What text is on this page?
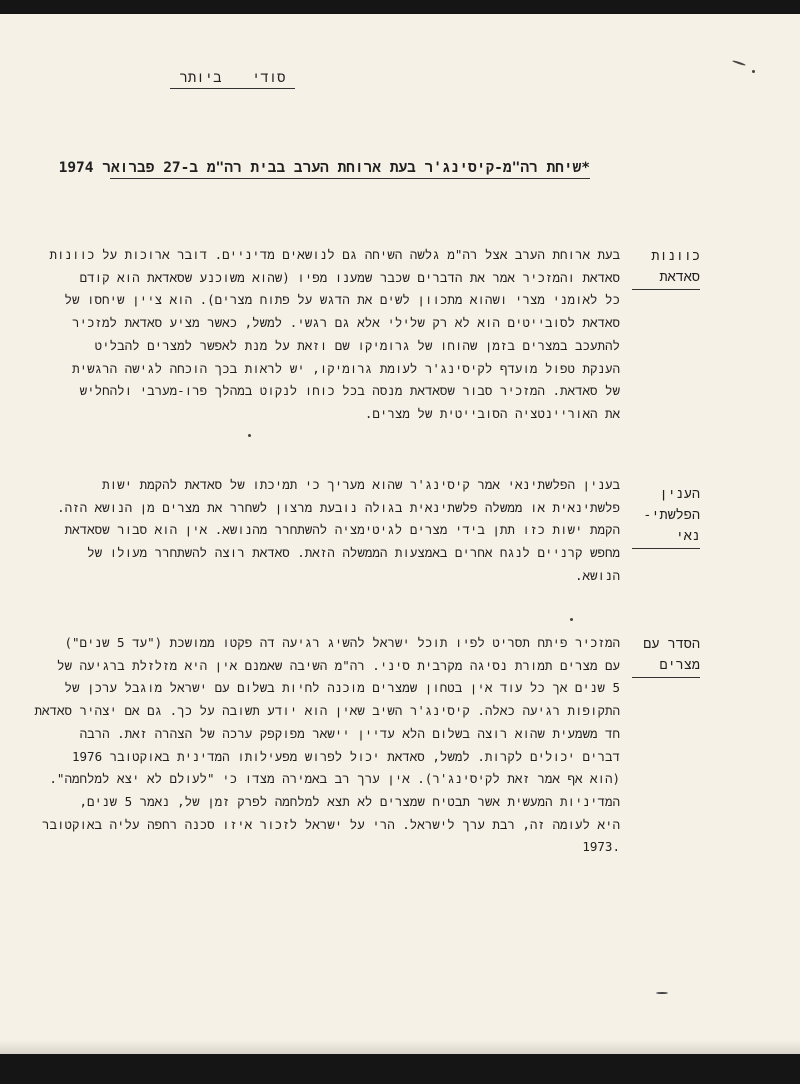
סודי ביותר
*שיחת רה"מ-קיסינג'ר בעת ארוחת הערב בבית רה"מ ב-27 פברואר 1974
כוונות
סאדאת

בעת ארוחת הערב אצל רה"מ גלשה השיחה גם לנושאים מדיניים. דובר ארוכות על כוונות

סאדאת והמזכיר אמר את הדברים שכבר שמענו מפיו (שהוא משוכנע שסאדאת הוא קודם

כל לאומני מצרי ושהוא מתכוון לשים את הדגש על פתוח מצרים). הוא ציין שיחסו של

סאדאת לסובייטים הוא לא רק שלילי אלא גם רגשי. למשל, כאשר מציע סאדאת למזכיר

להתעכב במצרים בזמן שהוחו של גרומיקו שם וזאת על מנת לאפשר למצרים להבליט

הענקת טפול מועדף לקיסינג'ר לעומת גרומיקו, יש לראות בכך הוכחה לגישה הרגשית

של סאדאת. המזכיר סבור שסאדאת מנסה בכל כוחו לנקוט במהלך פרו-מערבי ולהחליש

את האוריינטציה הסובייטית של מצרים.

הענין
הפלשתי-
נאי

בענין הפלשתינאי אמר קיסינג'ר שהוא מעריך כי תמיכתו של סאדאת להקמת ישות

פלשתינאית או ממשלה פלשתינאית בגולה נובעת מרצון לשחרר את מצרים מן הנושא הזה.

הקמת ישות כזו תתן בידי מצרים לגיטימציה להשתחרר מהנושא. אין הוא סבור שסאדאת

מחפש קרניים לנגח אחרים באמצעות הממשלה הזאת. סאדאת רוצה להשתחרר מעולו של

הנושא.

הסדר עם
מצרים

המזכיר פיתח תסריט לפיו תוכל ישראל להשיג רגיעה דה פקטו ממושכת ("עד 5 שנים")

עם מצרים תמורת נסיגה מקרבית סיני. רה"מ השיבה שאמנם אין היא מזלזלת ברגיעה של

5 שנים אך כל עוד אין בטחון שמצרים מוכנה לחיות בשלום עם ישראל מוגבל ערכן של

התקופות רגיעה כאלה. קיסינג'ר השיב שאין הוא יודע תשובה על כך. גם אם יצהיר סאדאת

חד משמעית שהוא רוצה בשלום הלא עדיין יישאר מפוקפק ערכה של הצהרה זאת. הרבה

דברים יכולים לקרות. למשל, סאדאת יכול לפרוש מפעילותו המדינית באוקטובר 1976

(הוא אף אמר זאת לקיסינג'ר). אין ערך רב באמירה מצדו כי "לעולם לא יצא למלחמה".

המדיניות המעשית אשר תבטיח שמצרים לא תצא למלחמה לפרק זמן של, נאמר 5 שנים,

היא לעומה זה, רבת ערך לישראל. הרי על ישראל לזכור איזו סכנה רחפה עליה באוקטובר

.1973
